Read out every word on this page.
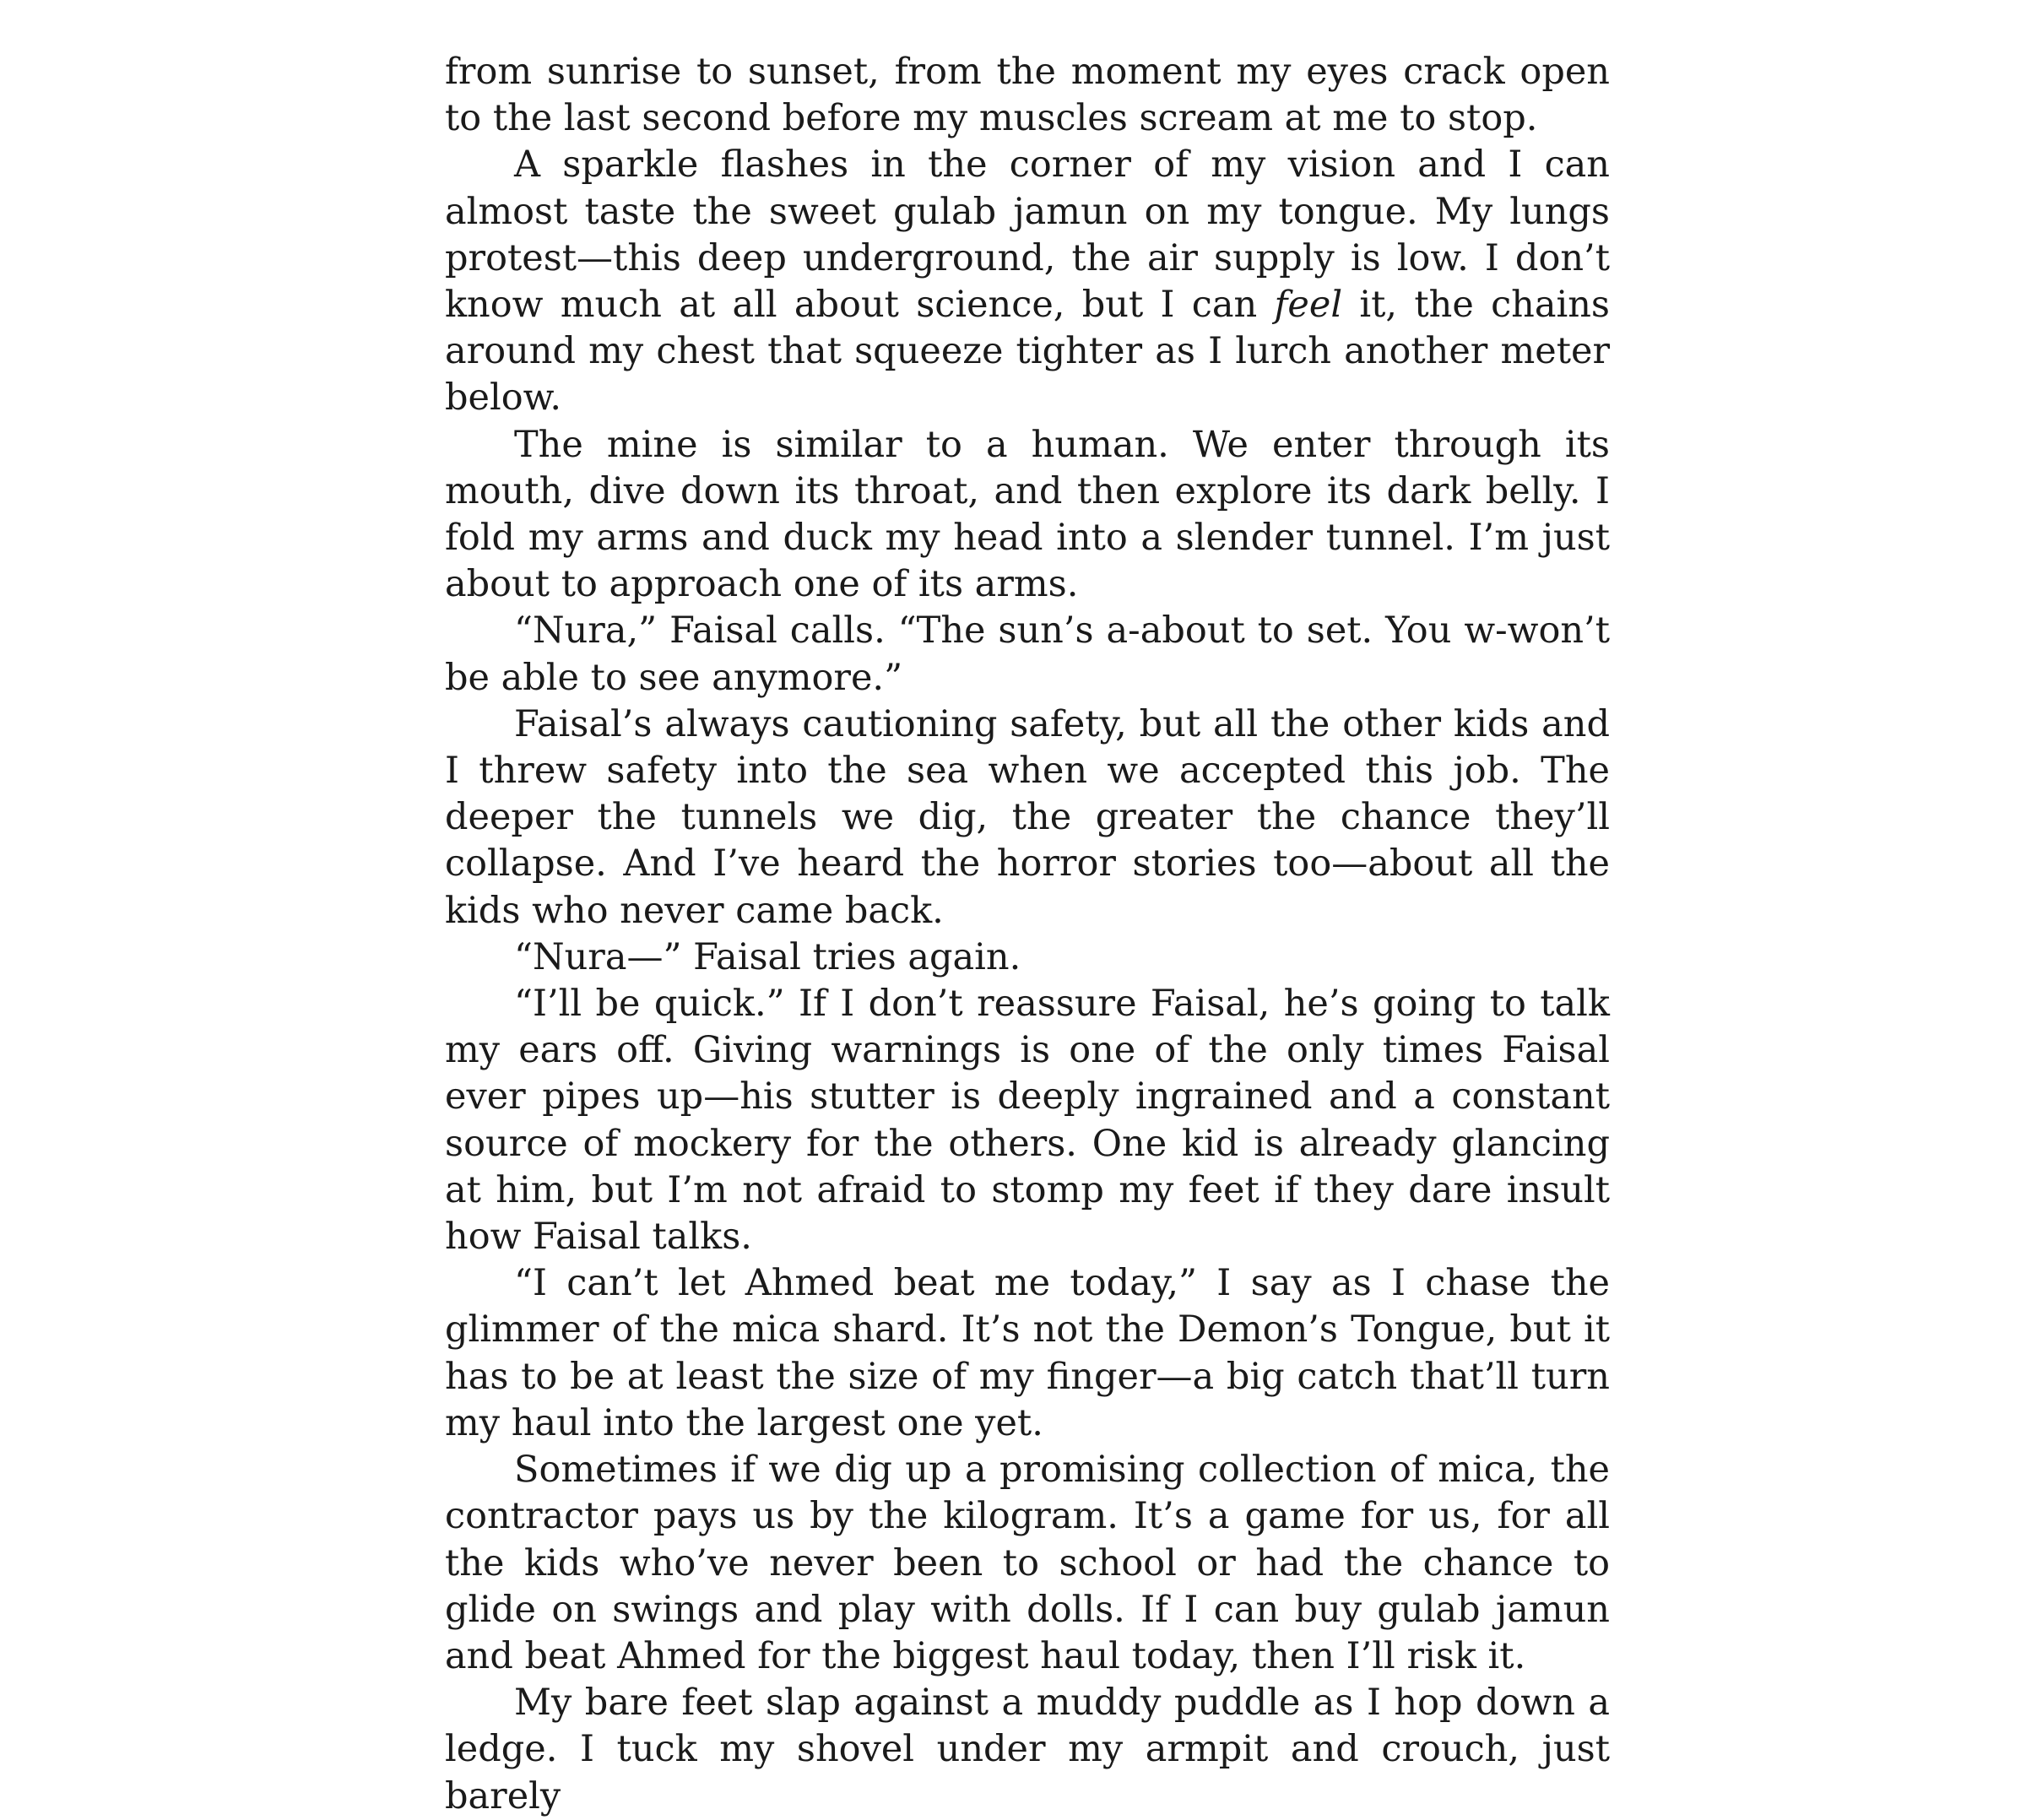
from sunrise to sunset, from the moment my eyes crack open to the last second before my muscles scream at me to stop.

A sparkle flashes in the corner of my vision and I can almost taste the sweet gulab jamun on my tongue. My lungs protest—this deep underground, the air supply is low. I don’t know much at all about science, but I can feel it, the chains around my chest that squeeze tighter as I lurch another meter below.

The mine is similar to a human. We enter through its mouth, dive down its throat, and then explore its dark belly. I fold my arms and duck my head into a slender tunnel. I’m just about to approach one of its arms.

“Nura,” Faisal calls. “The sun’s a-about to set. You w-won’t be able to see anymore.”

Faisal’s always cautioning safety, but all the other kids and I threw safety into the sea when we accepted this job. The deeper the tunnels we dig, the greater the chance they’ll collapse. And I’ve heard the horror stories too—about all the kids who never came back.

“Nura—” Faisal tries again.

“I’ll be quick.” If I don’t reassure Faisal, he’s going to talk my ears off. Giving warnings is one of the only times Faisal ever pipes up—his stutter is deeply ingrained and a constant source of mockery for the others. One kid is already glancing at him, but I’m not afraid to stomp my feet if they dare insult how Faisal talks.

“I can’t let Ahmed beat me today,” I say as I chase the glimmer of the mica shard. It’s not the Demon’s Tongue, but it has to be at least the size of my finger—a big catch that’ll turn my haul into the largest one yet.

Sometimes if we dig up a promising collection of mica, the contractor pays us by the kilogram. It’s a game for us, for all the kids who’ve never been to school or had the chance to glide on swings and play with dolls. If I can buy gulab jamun and beat Ahmed for the biggest haul today, then I’ll risk it.

My bare feet slap against a muddy puddle as I hop down a ledge. I tuck my shovel under my armpit and crouch, just barely
